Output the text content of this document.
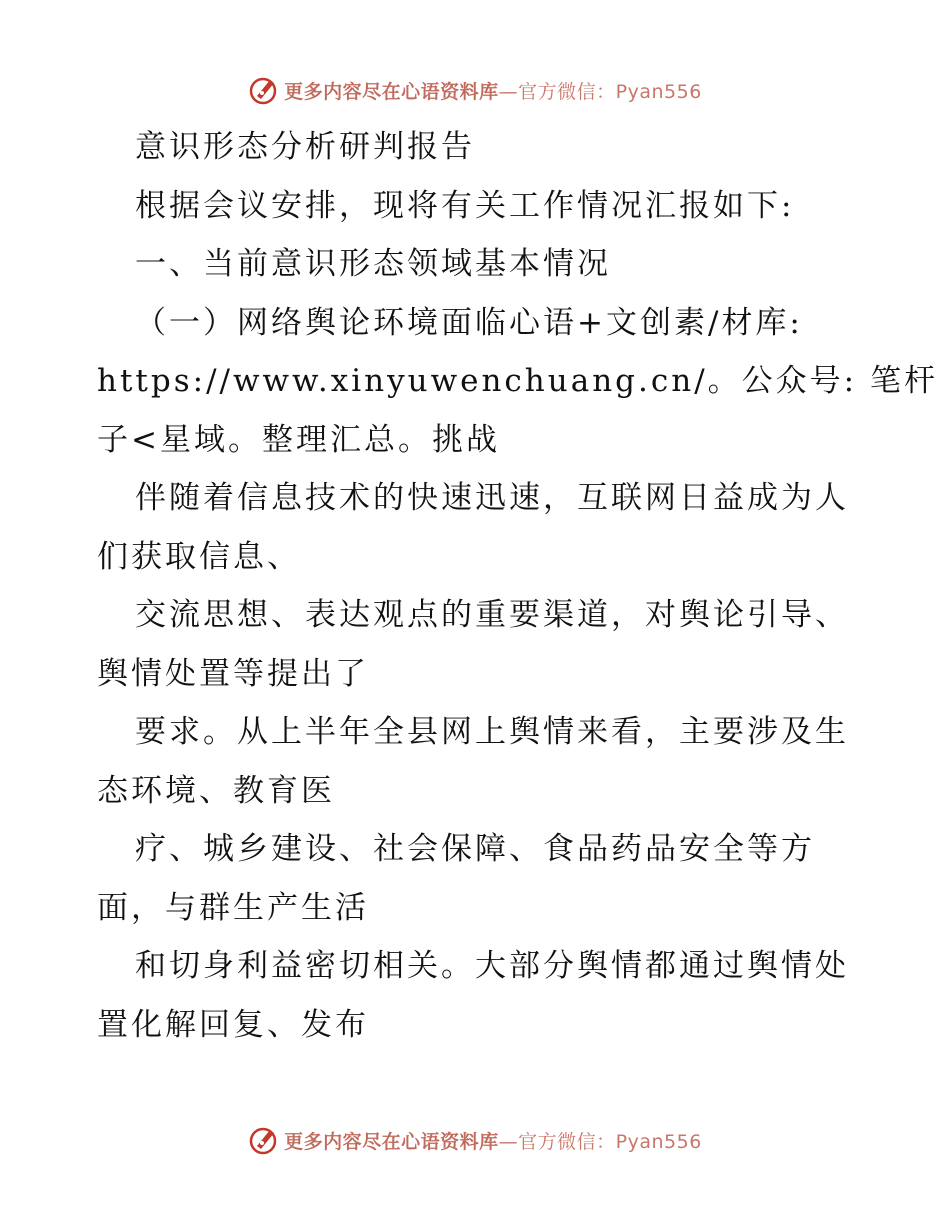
更多内容尽在心语资料库—官方微信：Pyan556

意识形态分析研判报告

根据会议安排，现将有关工作情况汇报如下:

一、当前意识形态领域基本情况

（一）网络舆论环境面临心语+文创素/材库:

https://www.xinyuwenchuang.cn/。公众号: 笔杆

子<星域。整理汇总。挑战

伴随着信息技术的快速迅速，互联网日益成为人

们获取信息、

交流思想、表达观点的重要渠道，对舆论引导、

舆情处置等提出了

要求。从上半年全县网上舆情来看，主要涉及生

态环境、教育医

疗、城乡建设、社会保障、食品药品安全等方

面，与群生产生活

和切身利益密切相关。大部分舆情都通过舆情处

置化解回复、发布

更多内容尽在心语资料库—官方微信：Pyan556
